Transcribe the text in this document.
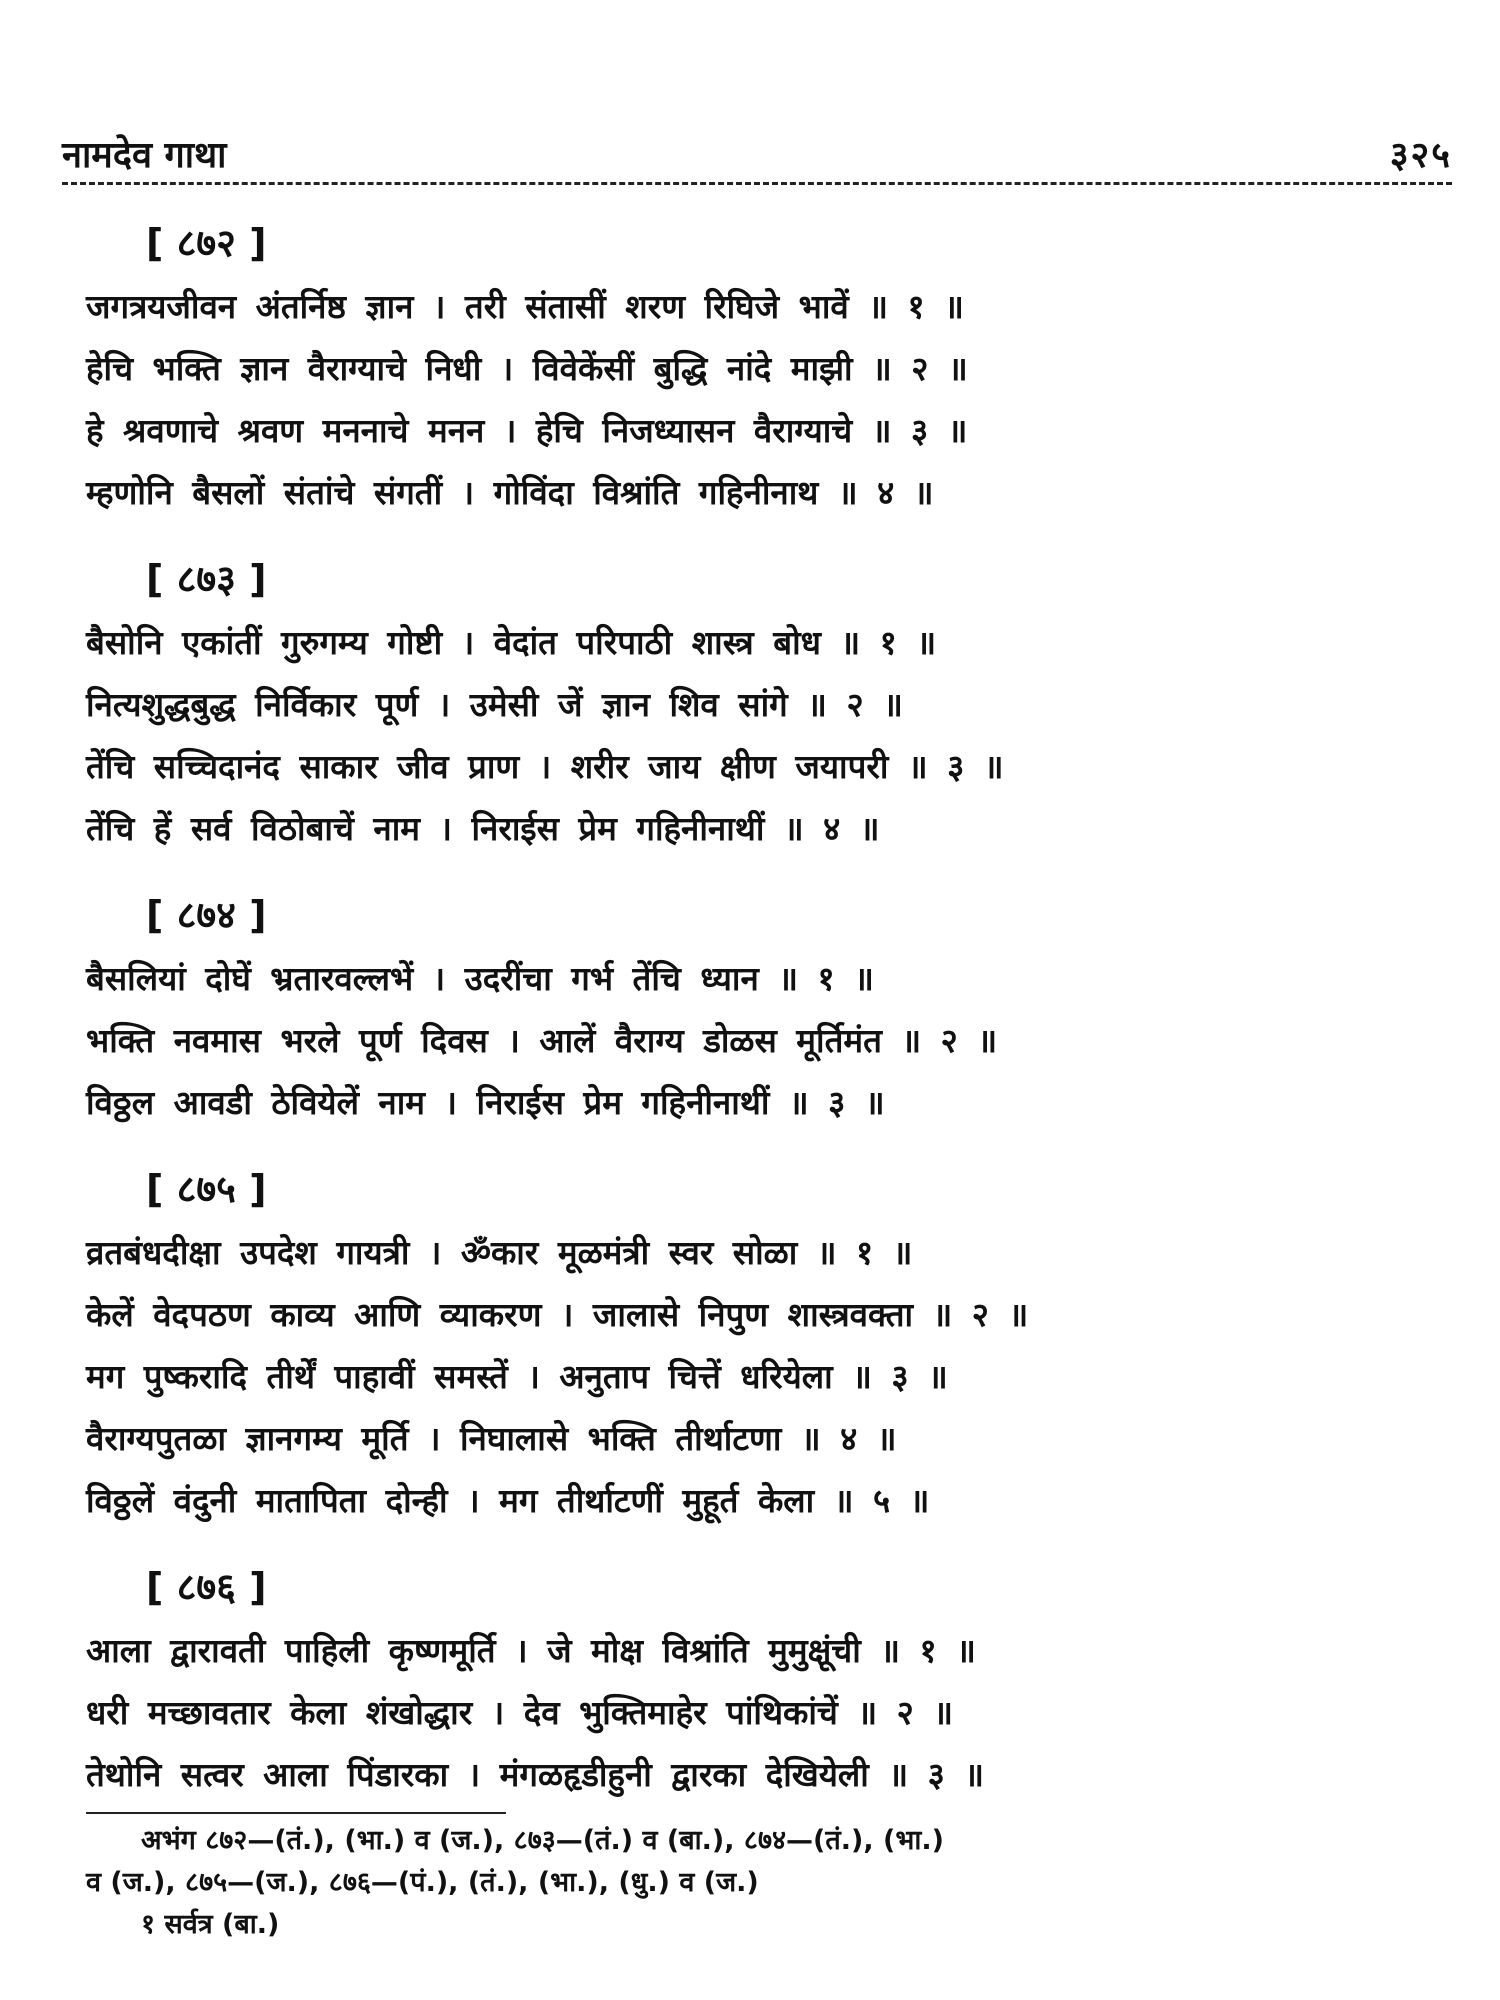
नामदेव गाथा	३२५
[ ८७२ ]
जगत्रयजीवन अंतर्निष्ठ ज्ञान । तरी संतासीं शरण रिघिजे भावें ॥ १ ॥
हेचि भक्ति ज्ञान वैराग्याचे निधी । विवेकेंसीं बुद्धि नांदे माझी ॥ २ ॥
हे श्रवणाचे श्रवण मननाचे मनन । हेचि निजध्यासन वैराग्याचे ॥ ३ ॥
म्हणोनि बैसलों संतांचे संगतीं । गोविंदा विश्रांति गहिनीनाथ ॥ ४ ॥
[ ८७३ ]
बैसोनि एकांतीं गुरुगम्य गोष्टी । वेदांत परिपाठी शास्त्र बोध ॥ १ ॥
नित्यशुद्धबुद्ध निर्विकार पूर्ण । उमेसी जें ज्ञान शिव सांगे ॥ २ ॥
तेंचि सच्चिदानंद साकार जीव प्राण । शरीर जाय क्षीण जयापरी ॥ ३ ॥
तेंचि हें सर्व विठोबाचें नाम । निराईस प्रेम गहिनीनाथीं ॥ ४ ॥
[ ८७४ ]
बैसलियां दोघें भ्रतारवल्लभें । उदरींचा गर्भ तेंचि ध्यान ॥ १ ॥
भक्ति नवमास भरले पूर्ण दिवस । आलें वैराग्य डोळस मूर्तिमंत ॥ २ ॥
विठ्ठल आवडी ठेवियेलें नाम । निराईस प्रेम गहिनीनाथीं ॥ ३ ॥
[ ८७५ ]
व्रतबंधदीक्षा उपदेश गायत्री । ॐकार मूळमंत्री स्वर सोळा ॥ १ ॥
केलें वेदपठण काव्य आणि व्याकरण । जालासे निपुण शास्त्रवक्ता ॥ २ ॥
मग पुष्करादि तीर्थें पाहावीं समस्तें । अनुताप चित्तें धरियेला ॥ ३ ॥
वैराग्यपुतळा ज्ञानगम्य मूर्ति । निघालासे भक्ति तीर्थाटणा ॥ ४ ॥
विठ्ठलें वंदुनी मातापिता दोन्ही । मग तीर्थाटणीं मुहूर्त केला ॥ ५ ॥
[ ८७६ ]
आला द्वारावती पाहिली कृष्णमूर्ति । जे मोक्ष विश्रांति मुमुक्षूंची ॥ १ ॥
धरी मच्छावतार केला शंखोद्धार । देव भुक्तिमाहेर पांथिकांचें ॥ २ ॥
तेथोनि सत्वर आला पिंडारका । मंगळहृडीहुनी द्वारका देखियेली ॥ ३ ॥
अभंग ८७२—(तं.), (भा.) व (ज.), ८७३—(तं.) व (बा.), ८७४—(तं.), (भा.)
व (ज.), ८७५—(ज.), ८७६—(पं.), (तं.), (भा.), (धु.) व (ज.)
१ सर्वत्र (बा.)
